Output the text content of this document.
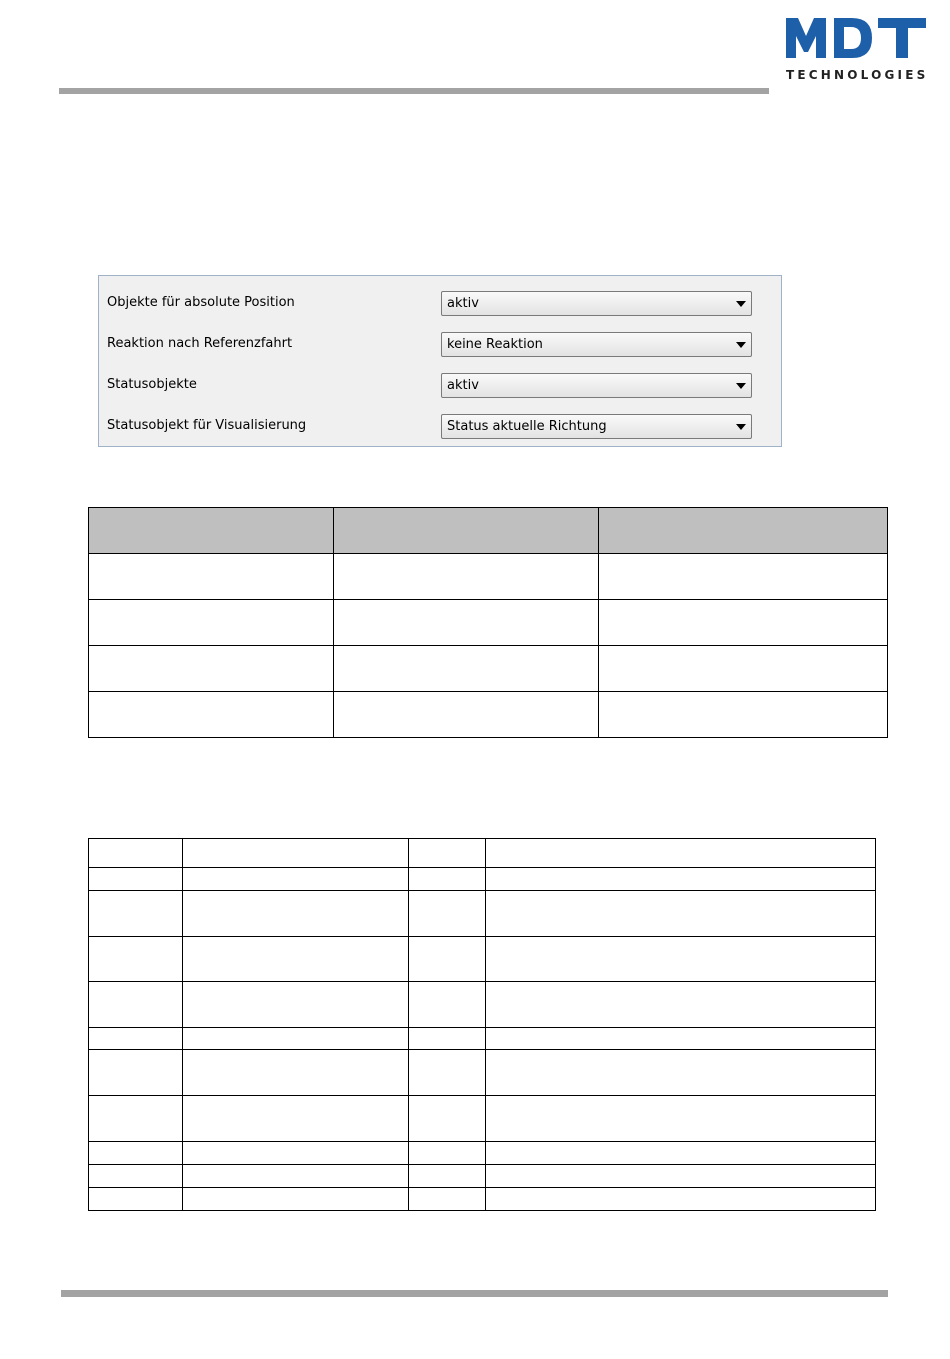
TECHNOLOGIES
Objekte für absolute Position	aktiv
Reaktion nach Referenzfahrt	keine Reaktion
Statusobjekte	aktiv
Statusobjekt für Visualisierung	Status aktuelle Richtung
